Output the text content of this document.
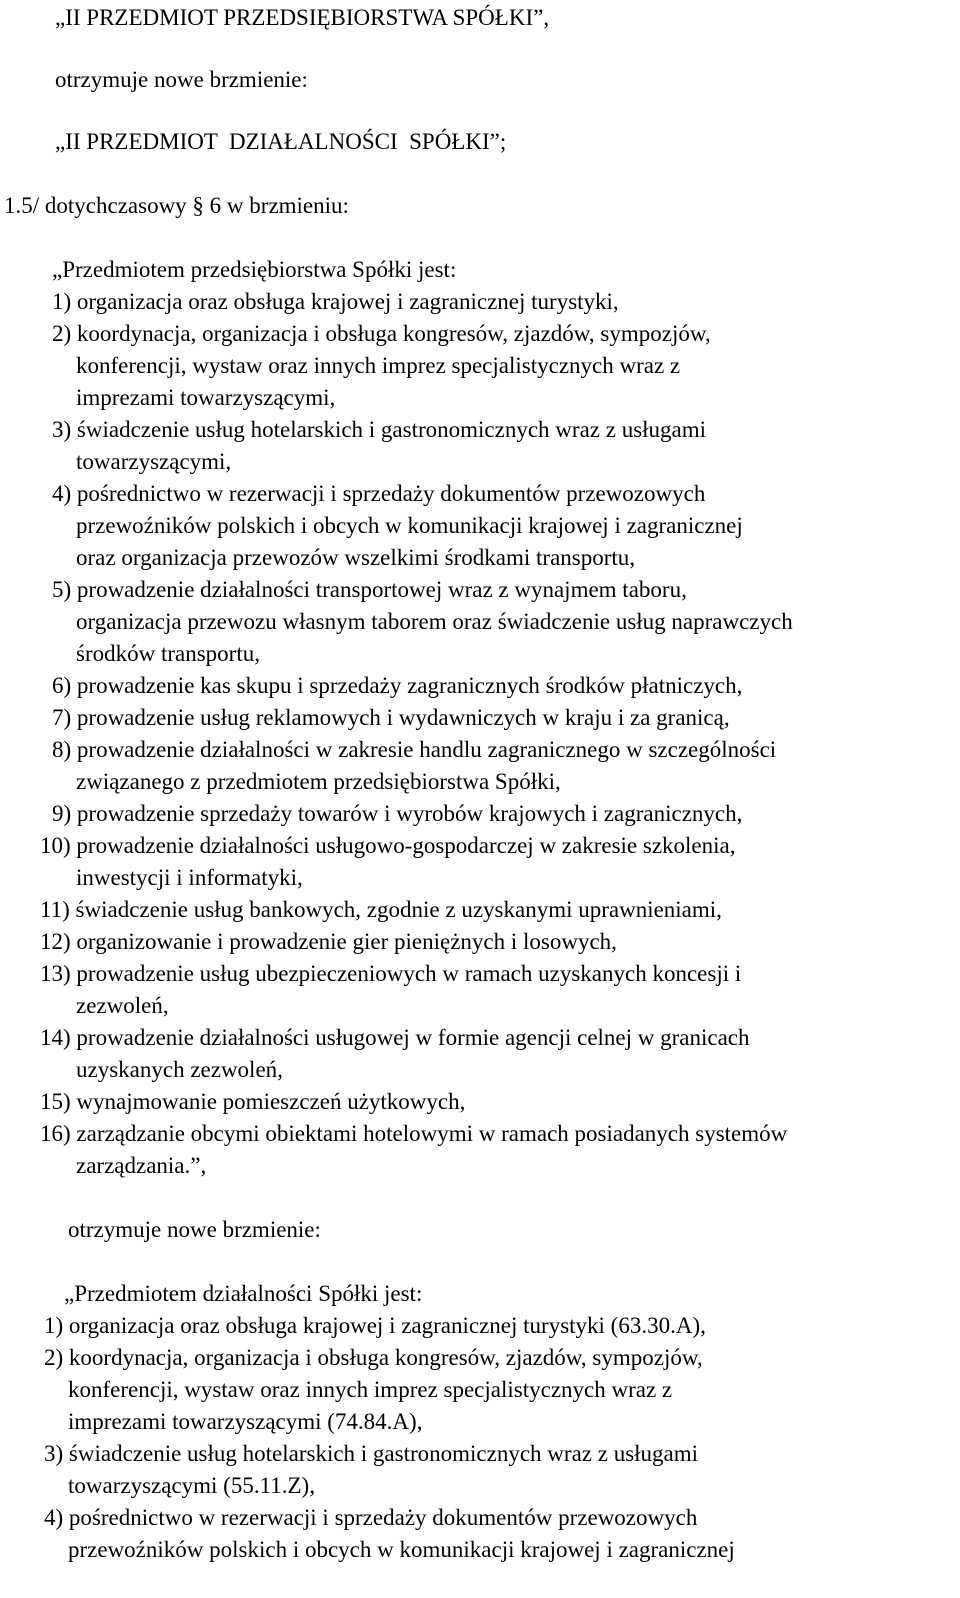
„II PRZEDMIOT PRZEDSIĘBIORSTWA SPÓŁKI”,
otrzymuje nowe brzmienie:
„II PRZEDMIOT  DZIAŁALNOŚCI  SPÓŁKI”;
1.5/ dotychczasowy § 6 w brzmieniu:
„Przedmiotem przedsiębiorstwa Spółki jest:
1) organizacja oraz obsługa krajowej i zagranicznej turystyki,
2) koordynacja, organizacja i obsługa kongresów, zjazdów, sympozjów,
konferencji, wystaw oraz innych imprez specjalistycznych wraz z
imprezami towarzyszącymi,
3) świadczenie usług hotelarskich i gastronomicznych wraz z usługami
towarzyszącymi,
4) pośrednictwo w rezerwacji i sprzedaży dokumentów przewozowych
przewoźników polskich i obcych w komunikacji krajowej i zagranicznej
oraz organizacja przewozów wszelkimi środkami transportu,
5) prowadzenie działalności transportowej wraz z wynajmem taboru,
organizacja przewozu własnym taborem oraz świadczenie usług naprawczych
środków transportu,
6) prowadzenie kas skupu i sprzedaży zagranicznych środków płatniczych,
7) prowadzenie usług reklamowych i wydawniczych w kraju i za granicą,
8) prowadzenie działalności w zakresie handlu zagranicznego w szczególności
związanego z przedmiotem przedsiębiorstwa Spółki,
9) prowadzenie sprzedaży towarów i wyrobów krajowych i zagranicznych,
10) prowadzenie działalności usługowo-gospodarczej w zakresie szkolenia,
inwestycji i informatyki,
11) świadczenie usług bankowych, zgodnie z uzyskanymi uprawnieniami,
12) organizowanie i prowadzenie gier pieniężnych i losowych,
13) prowadzenie usług ubezpieczeniowych w ramach uzyskanych koncesji i
zezwoleń,
14) prowadzenie działalności usługowej w formie agencji celnej w granicach
uzyskanych zezwoleń,
15) wynajmowanie pomieszczeń użytkowych,
16) zarządzanie obcymi obiektami hotelowymi w ramach posiadanych systemów
zarządzania.”,
otrzymuje nowe brzmienie:
„Przedmiotem działalności Spółki jest:
1) organizacja oraz obsługa krajowej i zagranicznej turystyki (63.30.A),
2) koordynacja, organizacja i obsługa kongresów, zjazdów, sympozjów,
konferencji, wystaw oraz innych imprez specjalistycznych wraz z
imprezami towarzyszącymi (74.84.A),
3) świadczenie usług hotelarskich i gastronomicznych wraz z usługami
towarzyszącymi (55.11.Z),
4) pośrednictwo w rezerwacji i sprzedaży dokumentów przewozowych
przewoźników polskich i obcych w komunikacji krajowej i zagranicznej
